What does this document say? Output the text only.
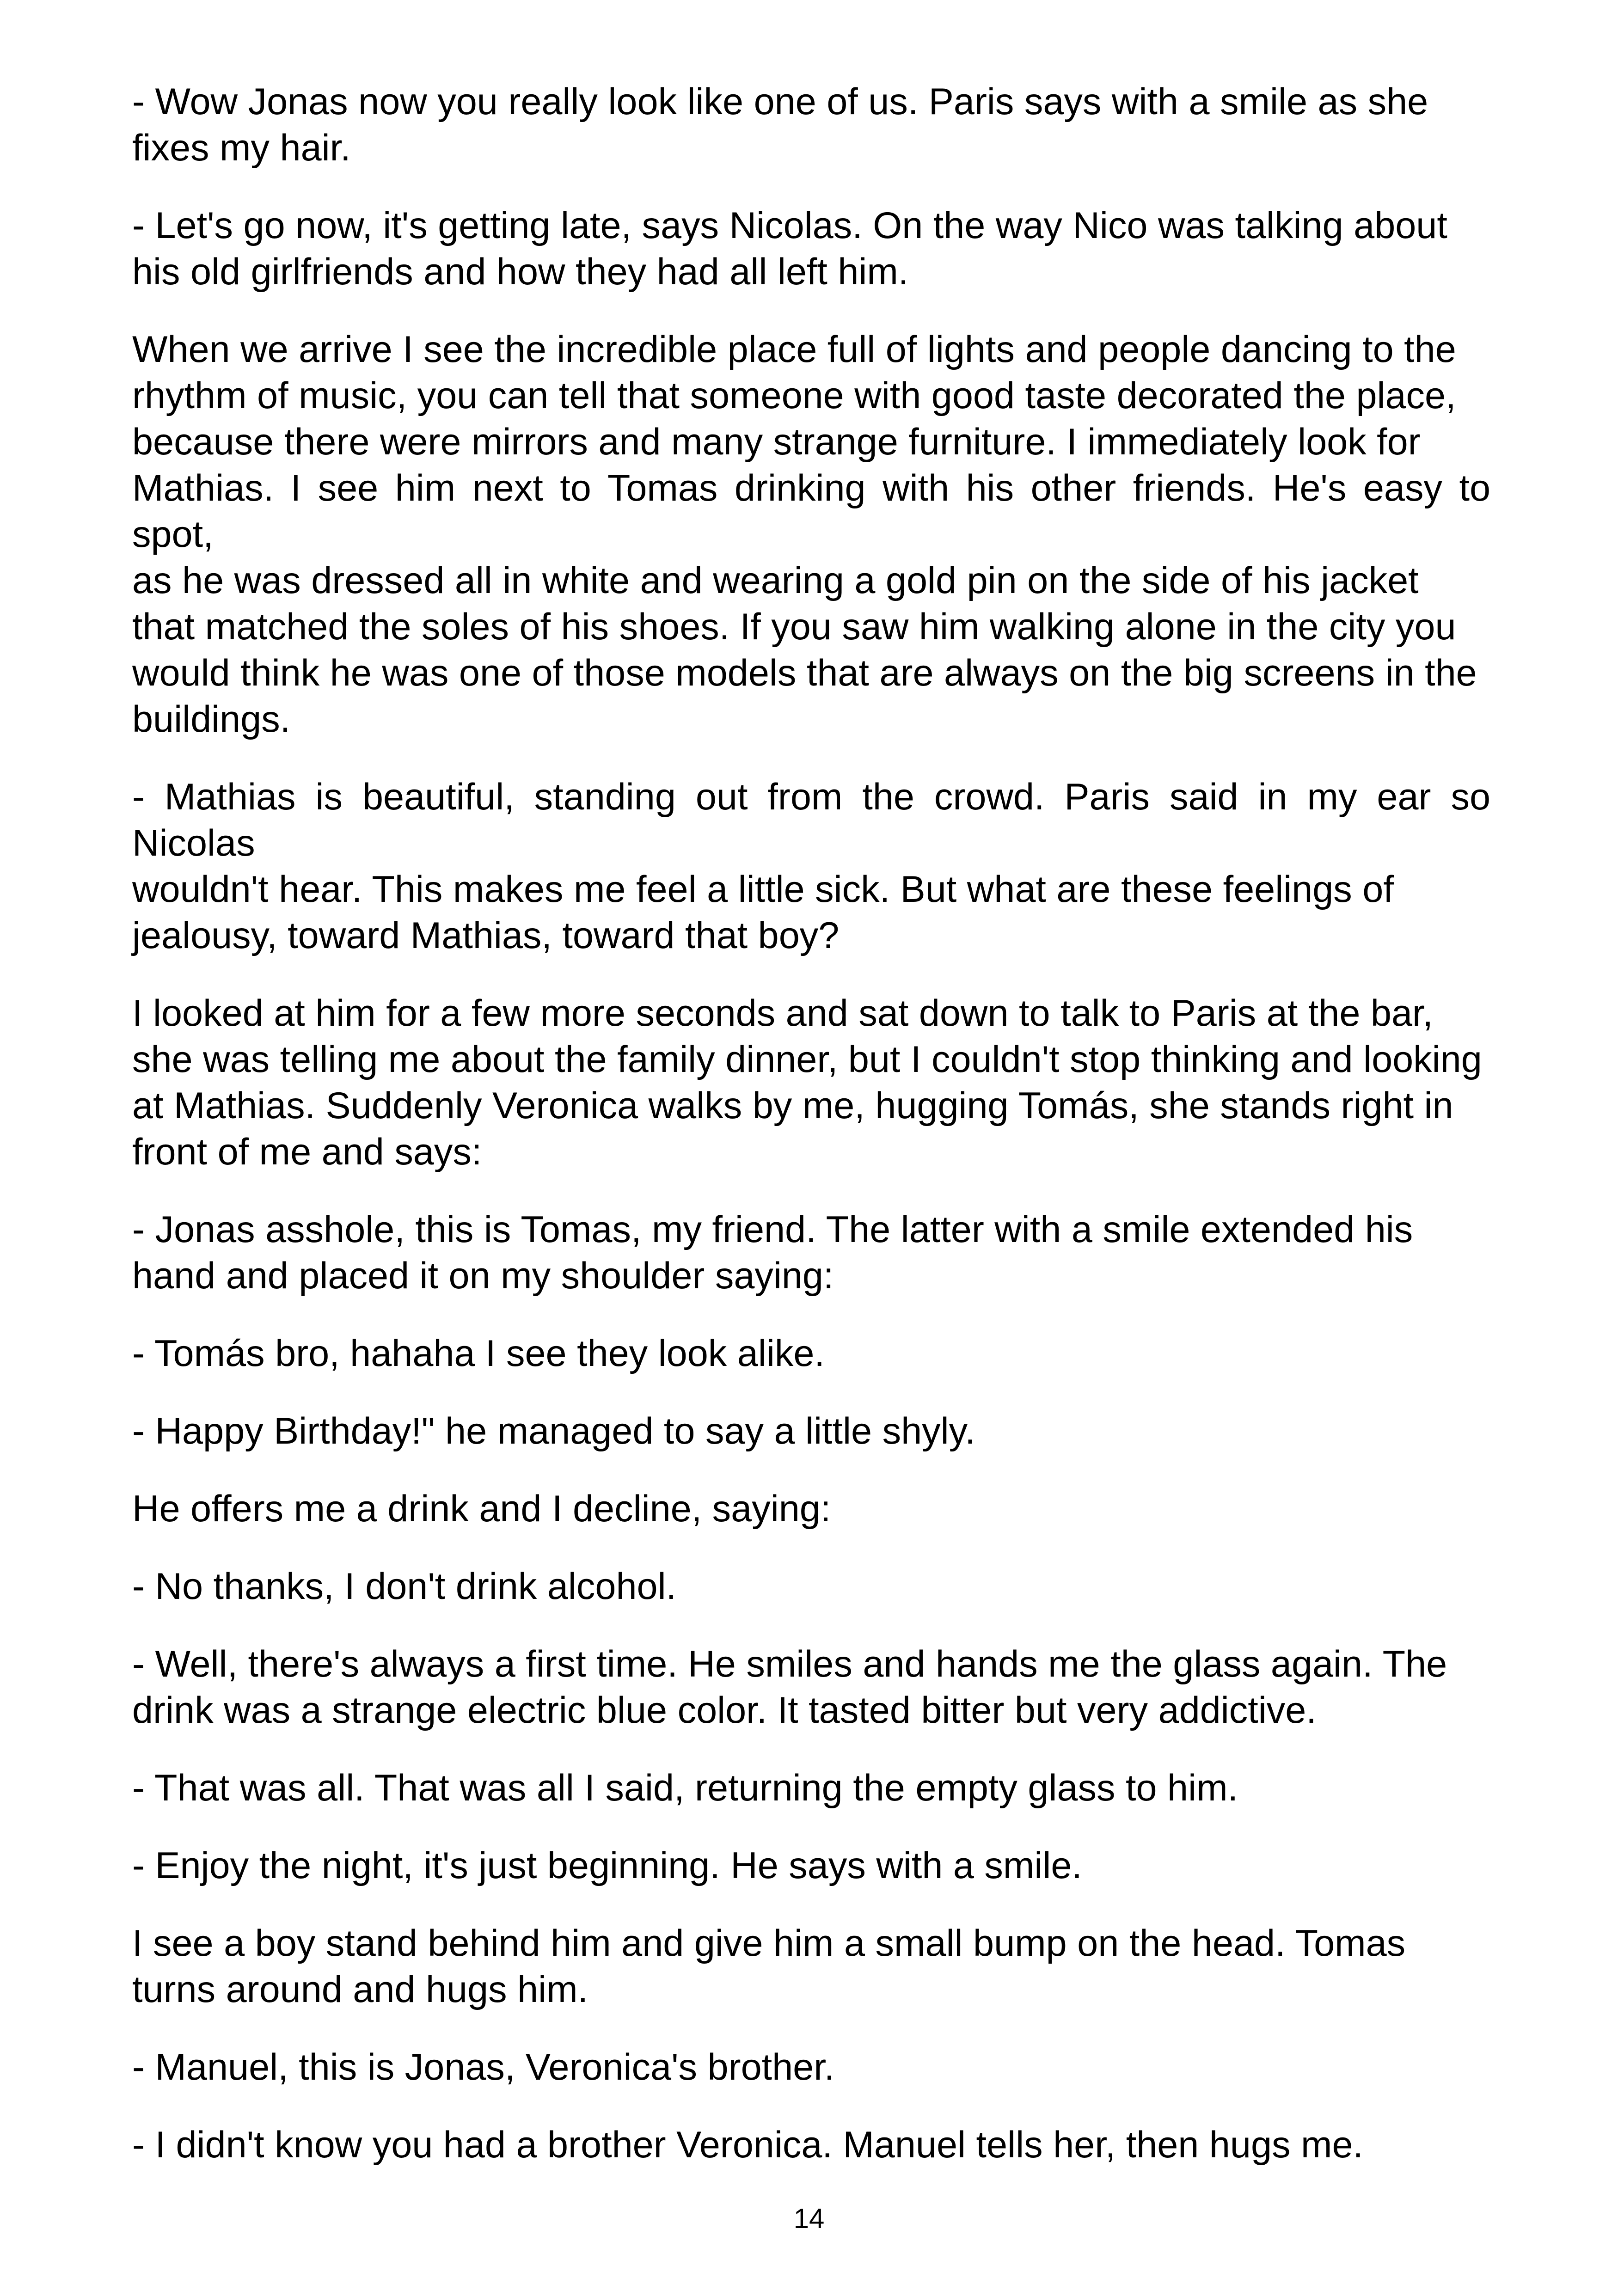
- Wow Jonas now you really look like one of us. Paris says with a smile as she
fixes my hair.

- Let's go now, it's getting late, says Nicolas. On the way Nico was talking about
his old girlfriends and how they had all left him.

When we arrive I see the incredible place full of lights and people dancing to the
rhythm of music, you can tell that someone with good taste decorated the place,
because there were mirrors and many strange furniture. I immediately look for
Mathias. I see him next to Tomas drinking with his other friends. He's easy to spot,
as he was dressed all in white and wearing a gold pin on the side of his jacket
that matched the soles of his shoes. If you saw him walking alone in the city you
would think he was one of those models that are always on the big screens in the
buildings.

- Mathias is beautiful, standing out from the crowd. Paris said in my ear so Nicolas
wouldn't hear. This makes me feel a little sick. But what are these feelings of
jealousy, toward Mathias, toward that boy?

I looked at him for a few more seconds and sat down to talk to Paris at the bar,
she was telling me about the family dinner, but I couldn't stop thinking and looking
at Mathias. Suddenly Veronica walks by me, hugging Tomás, she stands right in
front of me and says:

- Jonas asshole, this is Tomas, my friend. The latter with a smile extended his
hand and placed it on my shoulder saying:

- Tomás bro, hahaha I see they look alike.

- Happy Birthday!" he managed to say a little shyly.

He offers me a drink and I decline, saying:

- No thanks, I don't drink alcohol.

- Well, there's always a first time. He smiles and hands me the glass again. The
drink was a strange electric blue color. It tasted bitter but very addictive.

- That was all. That was all I said, returning the empty glass to him.

- Enjoy the night, it's just beginning. He says with a smile.

I see a boy stand behind him and give him a small bump on the head. Tomas
turns around and hugs him.

- Manuel, this is Jonas, Veronica's brother.

- I didn't know you had a brother Veronica. Manuel tells her, then hugs me.

14
